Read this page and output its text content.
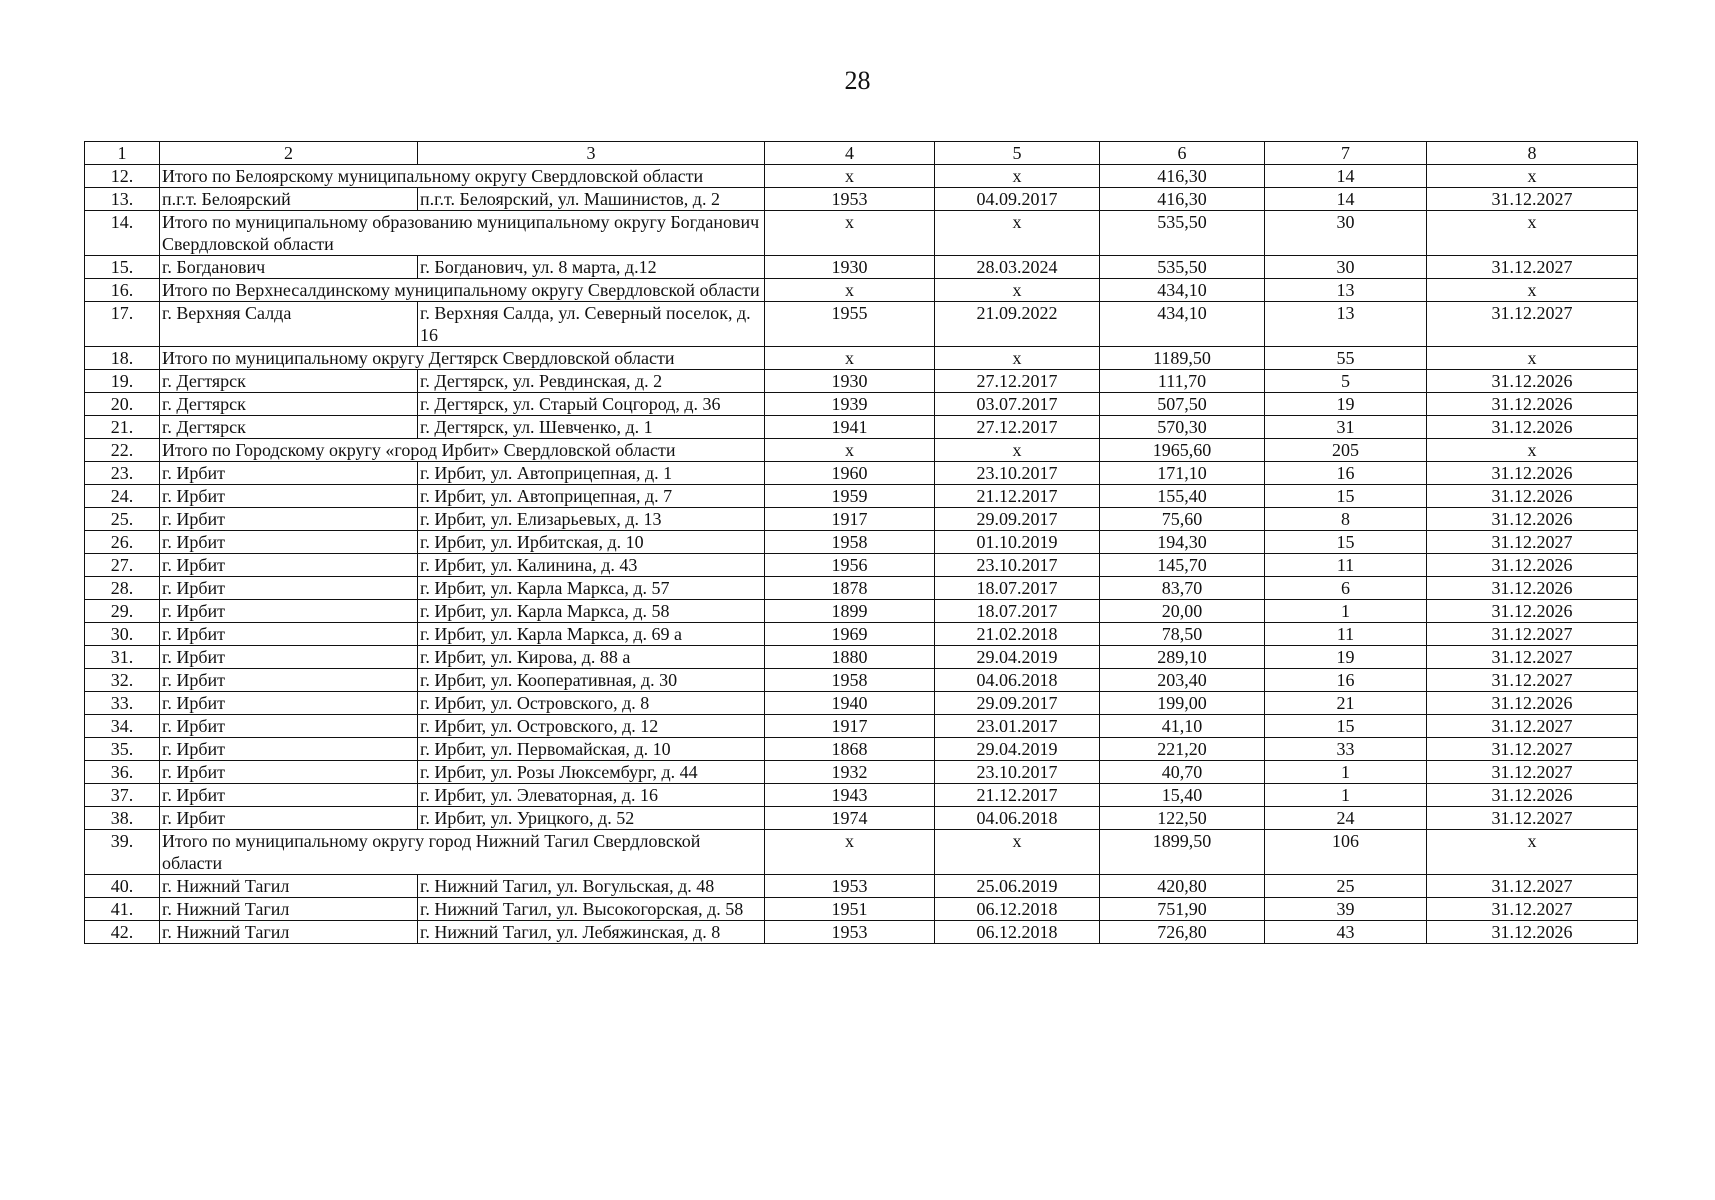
28
1	2	3	4	5	6	7	8
12.	Итого по Белоярскому муниципальному округу Свердловской области		x	x	416,30	14	x
13.	п.г.т. Белоярский	п.г.т. Белоярский, ул. Машинистов, д. 2	1953	04.09.2017	416,30	14	31.12.2027
14.	Итого по муниципальному образованию муниципальному округу Богданович Свердловской области		x	x	535,50	30	x
15.	г. Богданович	г. Богданович, ул. 8 марта, д.12	1930	28.03.2024	535,50	30	31.12.2027
16.	Итого по Верхнесалдинскому муниципальному округу Свердловской области		x	x	434,10	13	x
17.	г. Верхняя Салда	г. Верхняя Салда, ул. Северный поселок, д. 16	1955	21.09.2022	434,10	13	31.12.2027
18.	Итого по муниципальному округу Дегтярск Свердловской области		x	x	1189,50	55	x
19.	г. Дегтярск	г. Дегтярск, ул. Ревдинская, д. 2	1930	27.12.2017	111,70	5	31.12.2026
20.	г. Дегтярск	г. Дегтярск, ул. Старый Соцгород, д. 36	1939	03.07.2017	507,50	19	31.12.2026
21.	г. Дегтярск	г. Дегтярск, ул. Шевченко, д. 1	1941	27.12.2017	570,30	31	31.12.2026
22.	Итого по Городскому округу «город Ирбит» Свердловской области		x	x	1965,60	205	x
23.	г. Ирбит	г. Ирбит, ул. Автоприцепная, д. 1	1960	23.10.2017	171,10	16	31.12.2026
24.	г. Ирбит	г. Ирбит, ул. Автоприцепная, д. 7	1959	21.12.2017	155,40	15	31.12.2026
25.	г. Ирбит	г. Ирбит, ул. Елизарьевых, д. 13	1917	29.09.2017	75,60	8	31.12.2026
26.	г. Ирбит	г. Ирбит, ул. Ирбитская, д. 10	1958	01.10.2019	194,30	15	31.12.2027
27.	г. Ирбит	г. Ирбит, ул. Калинина, д. 43	1956	23.10.2017	145,70	11	31.12.2026
28.	г. Ирбит	г. Ирбит, ул. Карла Маркса, д. 57	1878	18.07.2017	83,70	6	31.12.2026
29.	г. Ирбит	г. Ирбит, ул. Карла Маркса, д. 58	1899	18.07.2017	20,00	1	31.12.2026
30.	г. Ирбит	г. Ирбит, ул. Карла Маркса, д. 69 а	1969	21.02.2018	78,50	11	31.12.2027
31.	г. Ирбит	г. Ирбит, ул. Кирова, д. 88 а	1880	29.04.2019	289,10	19	31.12.2027
32.	г. Ирбит	г. Ирбит, ул. Кооперативная, д. 30	1958	04.06.2018	203,40	16	31.12.2027
33.	г. Ирбит	г. Ирбит, ул. Островского, д. 8	1940	29.09.2017	199,00	21	31.12.2026
34.	г. Ирбит	г. Ирбит, ул. Островского, д. 12	1917	23.01.2017	41,10	15	31.12.2027
35.	г. Ирбит	г. Ирбит, ул. Первомайская, д. 10	1868	29.04.2019	221,20	33	31.12.2027
36.	г. Ирбит	г. Ирбит, ул. Розы Люксембург, д. 44	1932	23.10.2017	40,70	1	31.12.2027
37.	г. Ирбит	г. Ирбит, ул. Элеваторная, д. 16	1943	21.12.2017	15,40	1	31.12.2026
38.	г. Ирбит	г. Ирбит, ул. Урицкого, д. 52	1974	04.06.2018	122,50	24	31.12.2027
39.	Итого по муниципальному округу город Нижний Тагил Свердловской области		x	x	1899,50	106	x
40.	г. Нижний Тагил	г. Нижний Тагил, ул. Вогульская, д. 48	1953	25.06.2019	420,80	25	31.12.2027
41.	г. Нижний Тагил	г. Нижний Тагил, ул. Высокогорская, д. 58	1951	06.12.2018	751,90	39	31.12.2027
42.	г. Нижний Тагил	г. Нижний Тагил, ул. Лебяжинская, д. 8	1953	06.12.2018	726,80	43	31.12.2026
